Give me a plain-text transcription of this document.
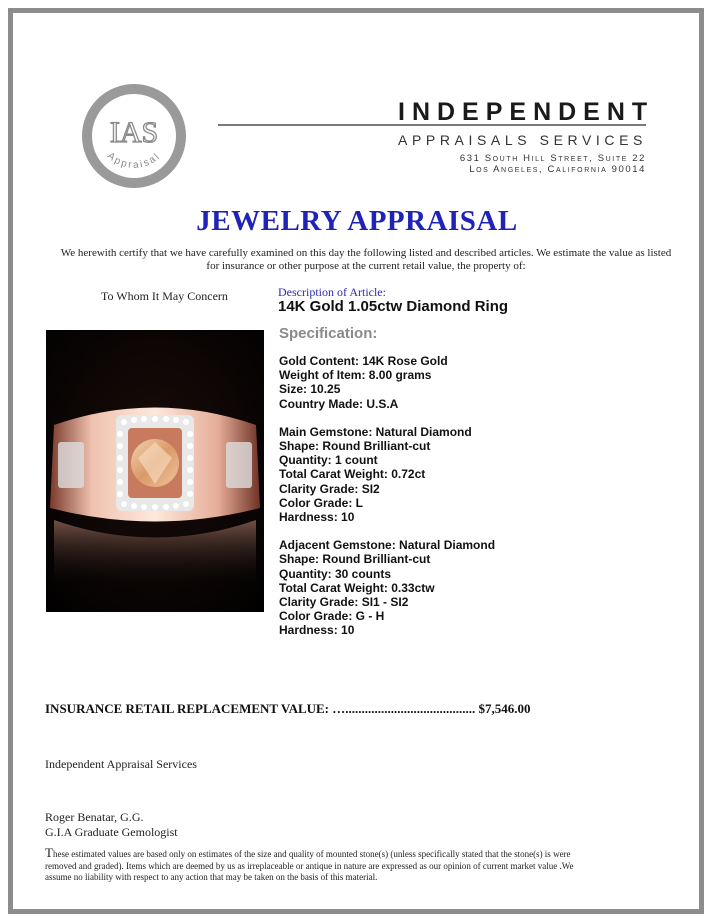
IAS
Appraisal
INDEPENDENT
APPRAISALS SERVICES
631 South Hill Street, Suite 22
Los Angeles, California 90014
JEWELRY APPRAISAL
We herewith certify that we have carefully examined on this day the following listed and described articles. We estimate the value as listed for insurance or other purpose at the current retail value, the property of:
To Whom It May Concern	Description of Article:
14K Gold 1.05ctw Diamond Ring
Specification:
Gold Content: 14K Rose Gold
Weight of Item: 8.00 grams
Size: 10.25
Country Made: U.S.A
Main Gemstone: Natural Diamond
Shape: Round Brilliant-cut
Quantity: 1 count
Total Carat Weight: 0.72ct
Clarity Grade: SI2
Color Grade: L
Hardness: 10
Adjacent Gemstone: Natural Diamond
Shape: Round Brilliant-cut
Quantity: 30 counts
Total Carat Weight: 0.33ctw
Clarity Grade: SI1 - SI2
Color Grade: G - H
Hardness: 10
INSURANCE RETAIL REPLACEMENT VALUE: …........................................ $7,546.00
Independent Appraisal Services
Roger Benatar, G.G.
G.I.A Graduate Gemologist
These estimated values are based only on estimates of the size and quality of mounted stone(s) (unless specifically stated that the stone(s) is were removed and graded). Items which are deemed by us as irreplaceable or antique in nature are expressed as our opinion of current market value .We assume no liability with respect to any action that may be taken on the basis of this material.
